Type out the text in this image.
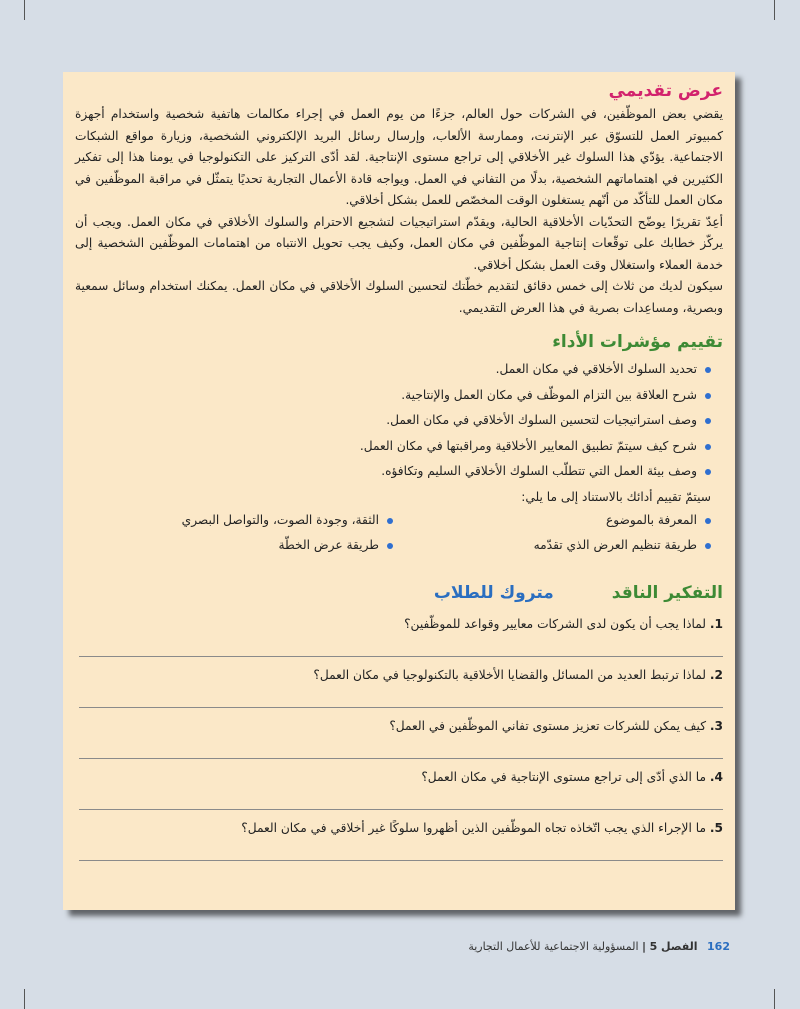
عرض تقديمي

يقضي بعض الموظّفين، في الشركات حول العالم، جزءًا من يوم العمل في إجراء مكالمات هاتفية شخصية واستخدام أجهزة كمبيوتر العمل للتسوّق عبر الإنترنت، وممارسة الألعاب، وإرسال رسائل البريد الإلكتروني الشخصية، وزيارة مواقع الشبكات الاجتماعية. يؤدّي هذا السلوك غير الأخلاقي إلى تراجع مستوى الإنتاجية. لقد أدّى التركيز على التكنولوجيا في يومنا هذا إلى تفكير الكثيرين في اهتماماتهم الشخصية، بدلًا من التفاني في العمل. ويواجه قادة الأعمال التجارية تحديًا يتمثّل في مراقبة الموظّفين في مكان العمل للتأكّد من أنّهم يستغلون الوقت المخصّص للعمل بشكل أخلاقي.

أعِدّ تقريرًا يوضّح التحدّيات الأخلاقية الحالية، ويقدّم استراتيجيات لتشجيع الاحترام والسلوك الأخلاقي في مكان العمل. ويجب أن يركّز خطابك على توقّعات إنتاجية الموظّفين في مكان العمل، وكيف يجب تحويل الانتباه من اهتمامات الموظّفين الشخصية إلى خدمة العملاء واستغلال وقت العمل بشكل أخلاقي.

سيكون لديك من ثلاث إلى خمس دقائق لتقديم خطّتك لتحسين السلوك الأخلاقي في مكان العمل. يمكنك استخدام وسائل سمعية وبصرية، ومساعِدات بصرية في هذا العرض التقديمي.

تقييم مؤشرات الأداء
تحديد السلوك الأخلاقي في مكان العمل.
شرح العلاقة بين التزام الموظّف في مكان العمل والإنتاجية.
وصف استراتيجيات لتحسين السلوك الأخلاقي في مكان العمل.
شرح كيف سيتمّ تطبيق المعايير الأخلاقية ومراقبتها في مكان العمل.
وصف بيئة العمل التي تتطلّب السلوك الأخلاقي السليم وتكافؤه.

سيتمّ تقييم أدائك بالاستناد إلى ما يلي:

المعرفة بالموضوع
الثقة، وجودة الصوت، والتواصل البصري
طريقة تنظيم العرض الذي تقدّمه
طريقة عرض الخطّة
التفكير الناقد
متروك للطلاب
1. لماذا يجب أن يكون لدى الشركات معايير وقواعد للموظّفين؟
2. لماذا ترتبط العديد من المسائل والقضايا الأخلاقية بالتكنولوجيا في مكان العمل؟
3. كيف يمكن للشركات تعزيز مستوى تفاني الموظّفين في العمل؟
4. ما الذي أدّى إلى تراجع مستوى الإنتاجية في مكان العمل؟
5. ما الإجراء الذي يجب اتّخاذه تجاه الموظّفين الذين أظهروا سلوكًا غير أخلاقي في مكان العمل؟
162 الفصل 5 | المسؤولية الاجتماعية للأعمال التجارية
